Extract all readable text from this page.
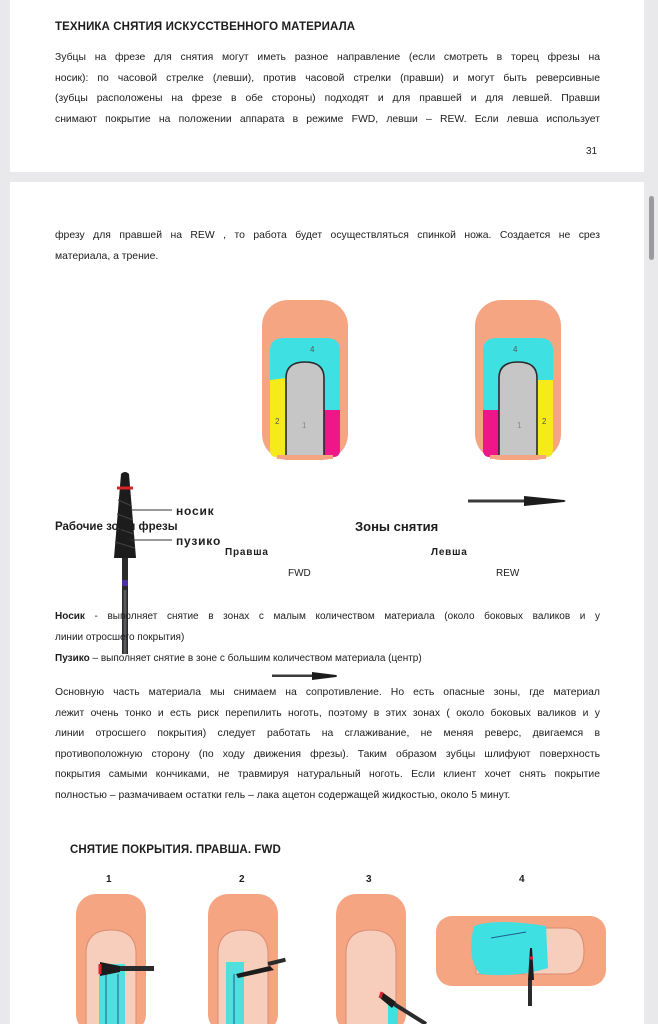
ТЕХНИКА СНЯТИЯ ИСКУССТВЕННОГО МАТЕРИАЛА
Зубцы на фрезе для снятия могут иметь разное направление (если смотреть в торец фрезы на
носик): по часовой стрелке (левши), против часовой стрелки (правши) и могут быть реверсивные
(зубцы расположены на фрезе в обе стороны) подходят и для правшей и для левшей. Правши
снимают покрытие на положении аппарата в режиме FWD, левши – REW. Если левша использует
31
фрезу для правшей на REW , то работа будет осуществляться спинкой ножа. Создается не срез
материала, а трение.
4
2	1
4
1	2
носик
Рабочие зоны фрезы
пузико
Зоны снятия
Правша	Левша
FWD	REW
Носик - выполняет снятие в зонах с малым количеством материала (около боковых валиков и у
линии отросшего покрытия)
Пузико – выполняет снятие в зоне с большим количеством материала (центр)
Основную часть материала мы снимаем на сопротивление. Но есть опасные зоны, где материал
лежит очень тонко и есть риск перепилить ноготь, поэтому в этих зонах ( около боковых валиков и у
линии отросшего покрытия) следует работать на сглаживание, не меняя реверс, двигаемся в
противоположную сторону (по ходу движения фрезы). Таким образом зубцы шлифуют поверхность
покрытия самыми кончиками, не травмируя натуральный ноготь. Если клиент хочет снять покрытие
полностью – размачиваем остатки гель – лака ацетон содержащей жидкостью, около 5 минут.
СНЯТИЕ ПОКРЫТИЯ. ПРАВША. FWD
1	2	3	4
